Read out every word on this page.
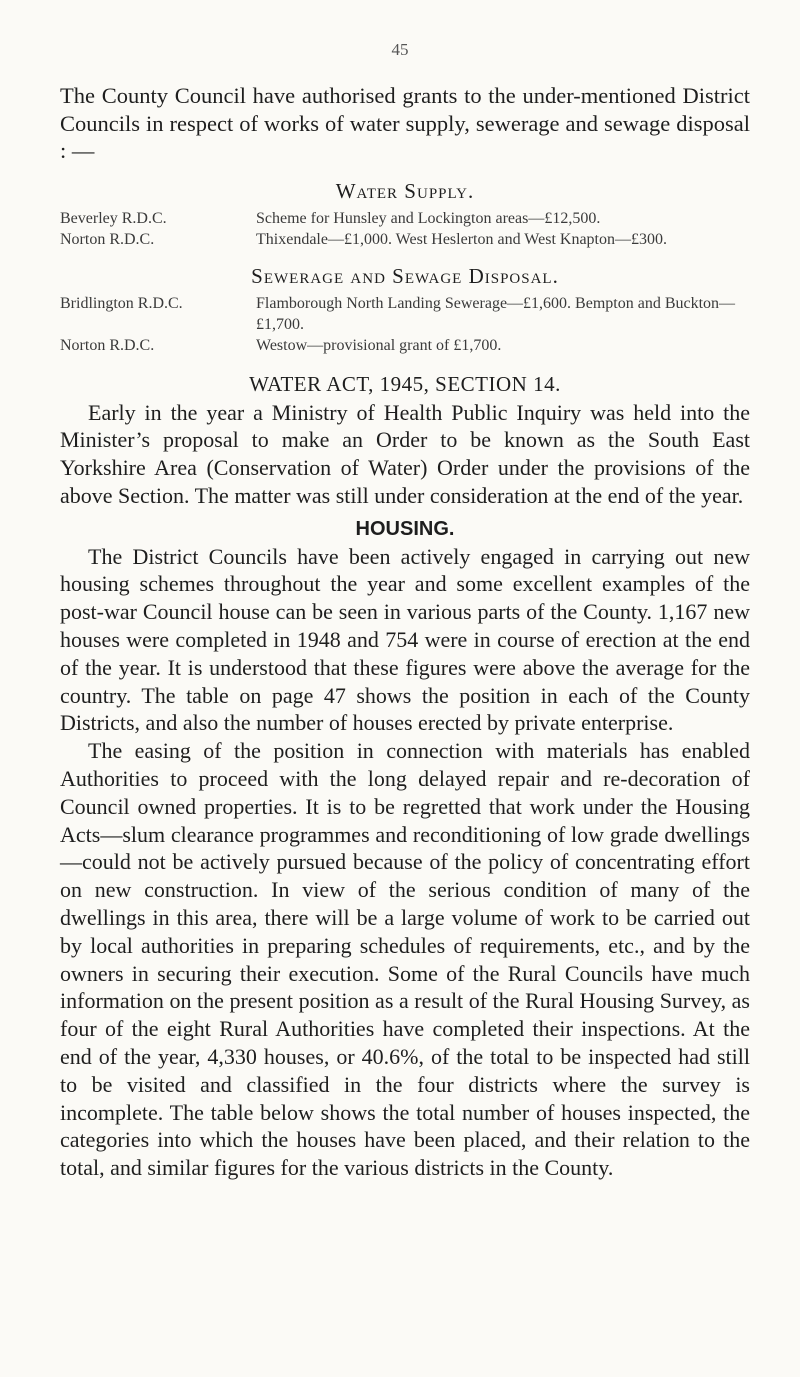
45

The County Council have authorised grants to the under-mentioned District Councils in respect of works of water supply, sewerage and sewage disposal : —

Water Supply.
Beverley R.D.C.	Scheme for Hunsley and Lockington areas—£12,500.
Norton R.D.C.	Thixendale—£1,000. West Heslerton and West Knapton—£300.
Sewerage and Sewage Disposal.
Bridlington R.D.C.	Flamborough North Landing Sewerage—£1,600. Bempton and Buckton—£1,700.
Norton R.D.C.	Westow—provisional grant of £1,700.
WATER ACT, 1945, SECTION 14.

Early in the year a Ministry of Health Public Inquiry was held into the Minister’s proposal to make an Order to be known as the South East Yorkshire Area (Conservation of Water) Order under the provisions of the above Section. The matter was still under consideration at the end of the year.

HOUSING.

The District Councils have been actively engaged in carrying out new housing schemes throughout the year and some excellent examples of the post-war Council house can be seen in various parts of the County. 1,167 new houses were completed in 1948 and 754 were in course of erection at the end of the year. It is understood that these figures were above the average for the country. The table on page 47 shows the position in each of the County Districts, and also the number of houses erected by private enterprise.

The easing of the position in connection with materials has enabled Authorities to proceed with the long delayed repair and re-decoration of Council owned properties. It is to be regretted that work under the Housing Acts—slum clearance programmes and reconditioning of low grade dwellings—could not be actively pursued because of the policy of concentrating effort on new construction. In view of the serious condition of many of the dwellings in this area, there will be a large volume of work to be carried out by local authorities in preparing schedules of requirements, etc., and by the owners in securing their execution. Some of the Rural Councils have much information on the present position as a result of the Rural Housing Survey, as four of the eight Rural Authorities have completed their inspections. At the end of the year, 4,330 houses, or 40.6%, of the total to be inspected had still to be visited and classified in the four districts where the survey is incomplete. The table below shows the total number of houses inspected, the categories into which the houses have been placed, and their relation to the total, and similar figures for the various districts in the County.
